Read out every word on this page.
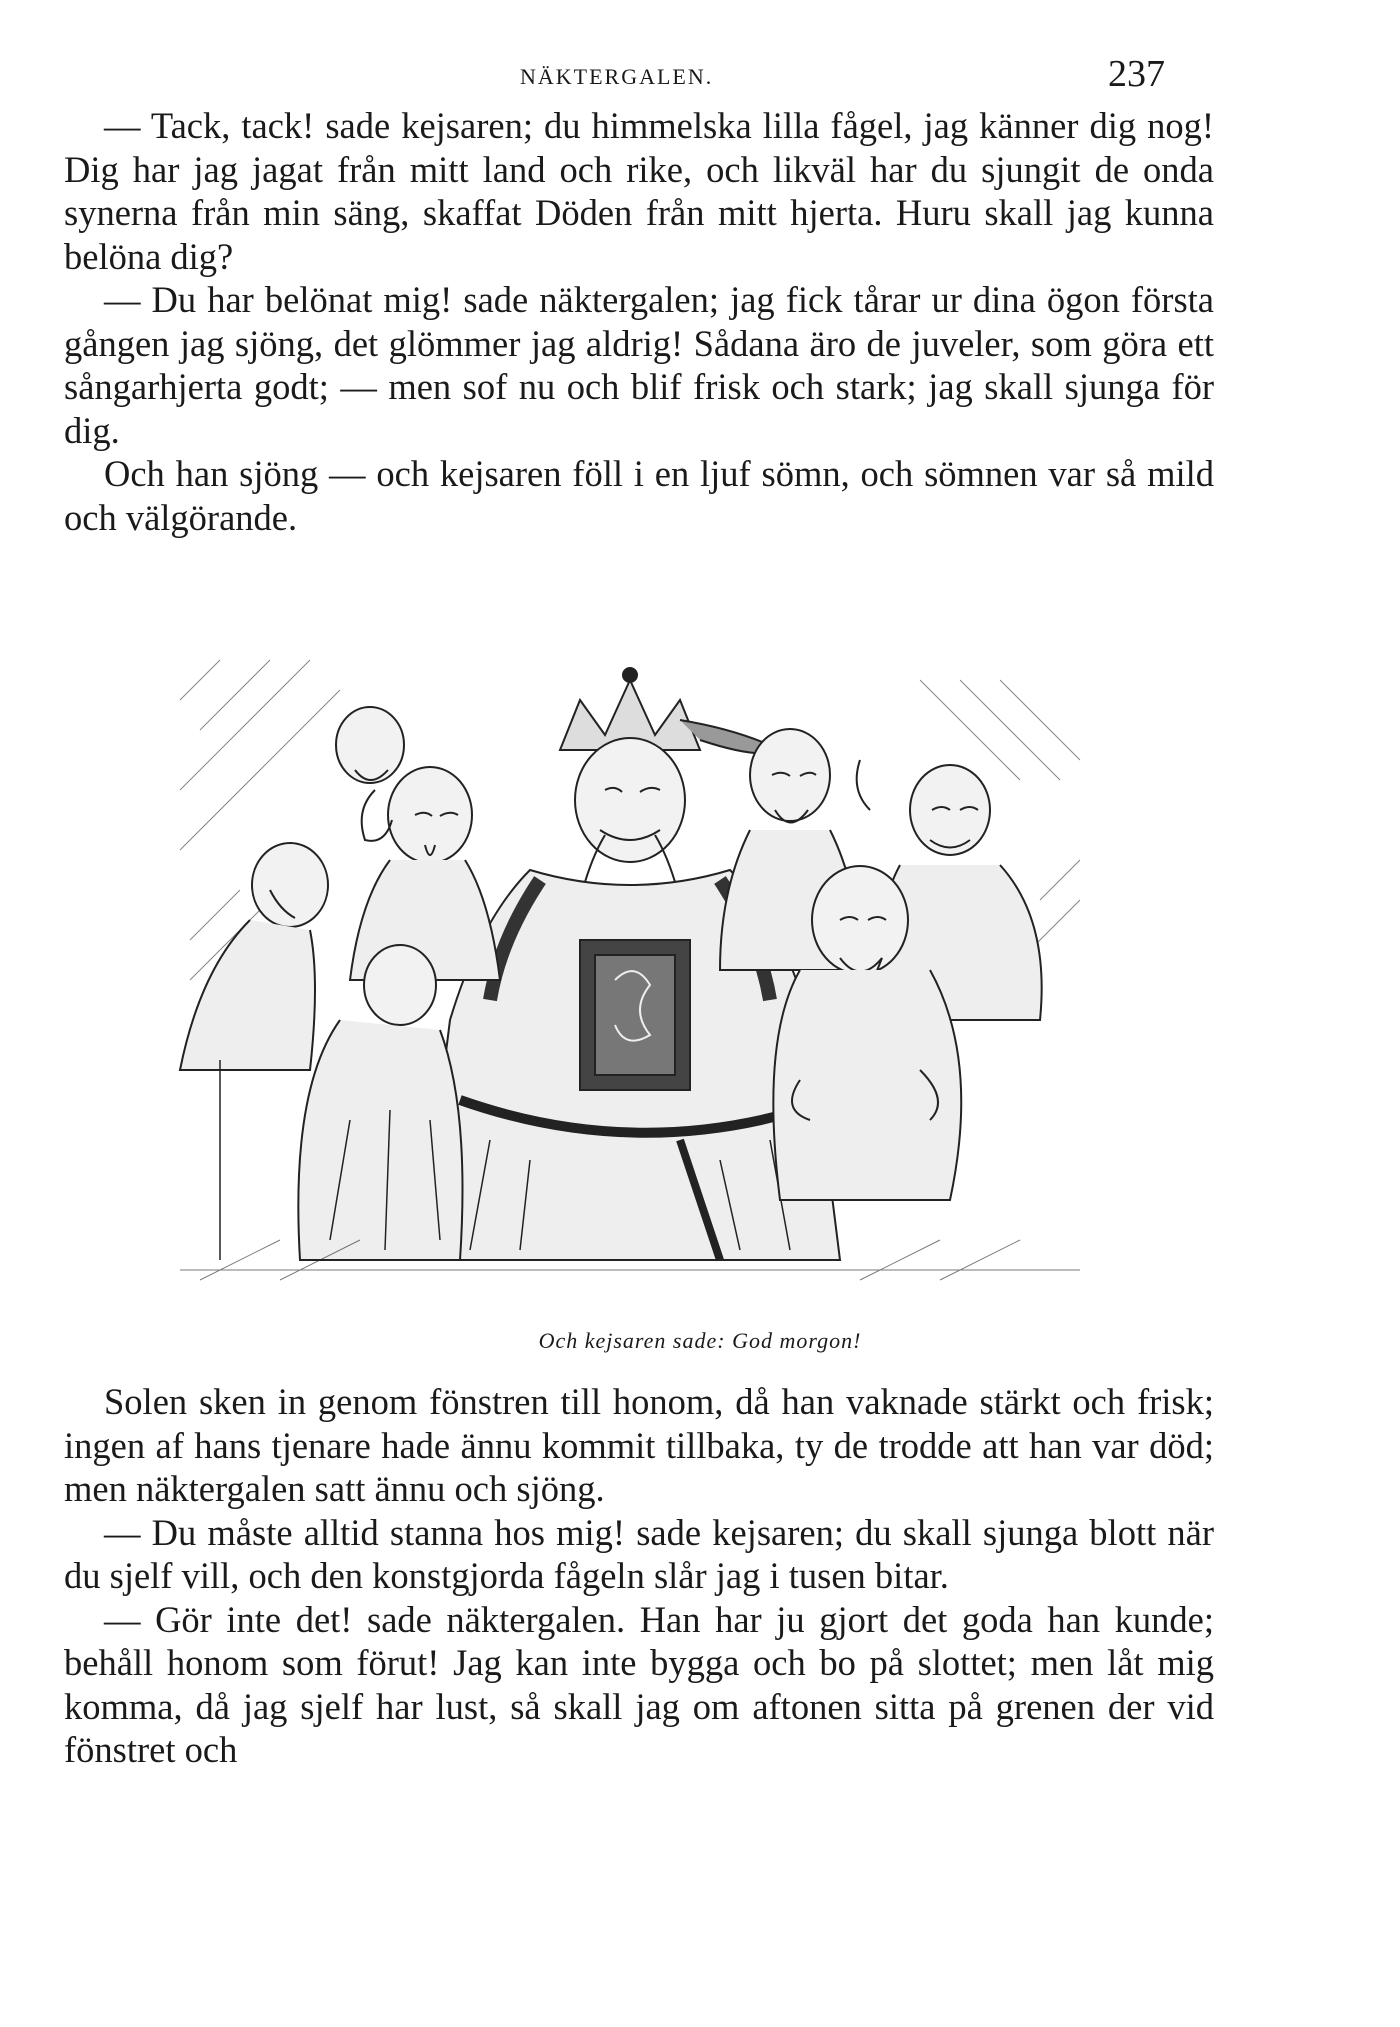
NÄKTERGALEN.	237

— Tack, tack! sade kejsaren; du himmelska lilla fågel, jag känner dig nog! Dig har jag jagat från mitt land och rike, och likväl har du sjungit de onda synerna från min säng, skaffat Döden från mitt hjerta. Huru skall jag kunna belöna dig?

— Du har belönat mig! sade näktergalen; jag fick tårar ur dina ögon första gången jag sjöng, det glömmer jag aldrig! Sådana äro de juveler, som göra ett sångarhjerta godt; — men sof nu och blif frisk och stark; jag skall sjunga för dig.

Och han sjöng — och kejsaren föll i en ljuf sömn, och sömnen var så mild och välgörande.

Och kejsaren sade: God morgon!

Solen sken in genom fönstren till honom, då han vaknade stärkt och frisk; ingen af hans tjenare hade ännu kommit tillbaka, ty de trodde att han var död; men näktergalen satt ännu och sjöng.

— Du måste alltid stanna hos mig! sade kejsaren; du skall sjunga blott när du sjelf vill, och den konstgjorda fågeln slår jag i tusen bitar.

— Gör inte det! sade näktergalen. Han har ju gjort det goda han kunde; behåll honom som förut! Jag kan inte bygga och bo på slottet; men låt mig komma, då jag sjelf har lust, så skall jag om aftonen sitta på grenen der vid fönstret och
